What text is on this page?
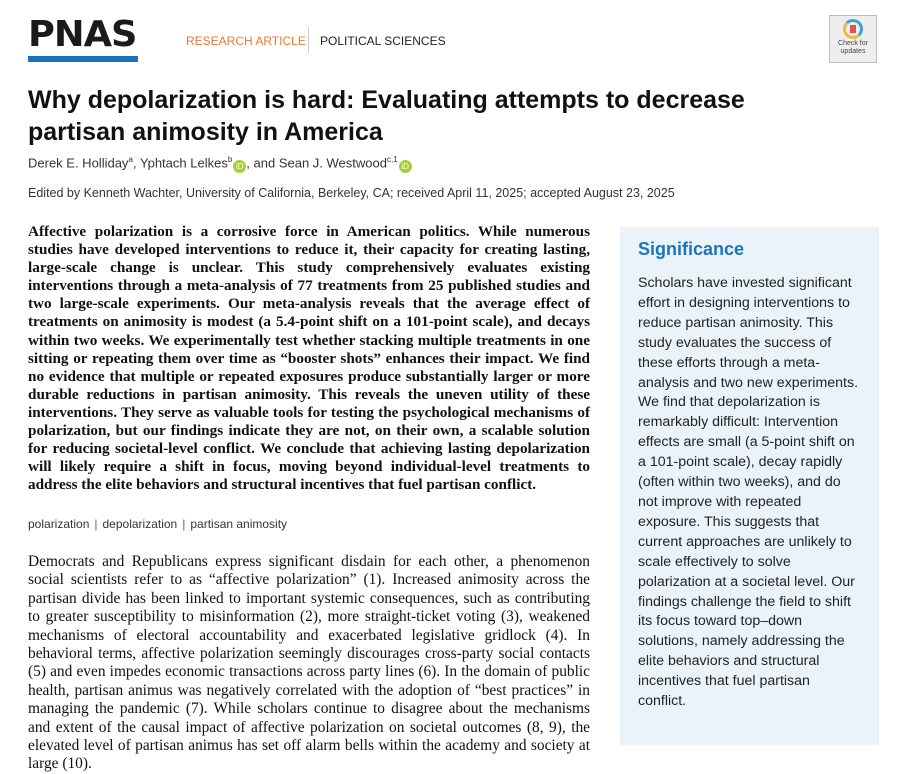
PNAS	RESEARCH ARTICLE POLITICAL SCIENCES	Check for updates
Why depolarization is hard: Evaluating attempts to decrease partisan animosity in America
Derek E. Holliday$^a$, Yphtach Lelkes$^b$iD , and Sean J. Westwood$^{c,1}$iD
Edited by Kenneth Wachter, University of California, Berkeley, CA; received April 11, 2025; accepted August 23, 2025

Affective polarization is a corrosive force in American politics. While numerous studies have developed interventions to reduce it, their capacity for creating lasting, large-scale change is unclear. This study comprehensively evaluates existing interventions through a meta-analysis of 77 treatments from 25 published studies and two large-scale experiments. Our meta-analysis reveals that the average effect of treatments on animosity is modest (a 5.4-point shift on a 101-point scale), and decays within two weeks. We experimentally test whether stacking multiple treatments in one sitting or repeating them over time as “booster shots” enhances their impact. We find no evidence that multiple or repeated exposures produce substantially larger or more durable reductions in partisan animosity. This reveals the uneven utility of these interventions. They serve as valuable tools for testing the psychological mechanisms of polarization, but our findings indicate they are not, on their own, a scalable solution for reducing societal-level conflict. We conclude that achieving lasting depolarization will likely require a shift in focus, moving beyond individual-level treatments to address the elite behaviors and structural incentives that fuel partisan conflict.

polarization | depolarization | partisan animosity

Democrats and Republicans express significant disdain for each other, a phenomenon social scientists refer to as “affective polarization” (1). Increased animosity across the partisan divide has been linked to important systemic consequences, such as contributing to greater susceptibility to misinformation (2), more straight-ticket voting (3), weakened mechanisms of electoral accountability and exacerbated legislative gridlock (4). In behavioral terms, affective polarization seemingly discourages cross-party social contacts (5) and even impedes economic transactions across party lines (6). In the domain of public health, partisan animus was negatively correlated with the adoption of “best practices” in managing the pandemic (7). While scholars continue to disagree about the mechanisms and extent of the causal impact of affective polarization on societal outcomes (8, 9), the elevated level of partisan animus has set off alarm bells within the academy and society at large (10).

Significance

Scholars have invested significant effort in designing interventions to reduce partisan animosity. This study evaluates the success of these efforts through a meta-analysis and two new experiments. We find that depolarization is remarkably difficult: Intervention effects are small (a 5-point shift on a 101-point scale), decay rapidly (often within two weeks), and do not improve with repeated exposure. This suggests that current approaches are unlikely to scale effectively to solve polarization at a societal level. Our findings challenge the field to shift its focus toward top–down solutions, namely addressing the elite behaviors and structural incentives that fuel partisan conflict.
